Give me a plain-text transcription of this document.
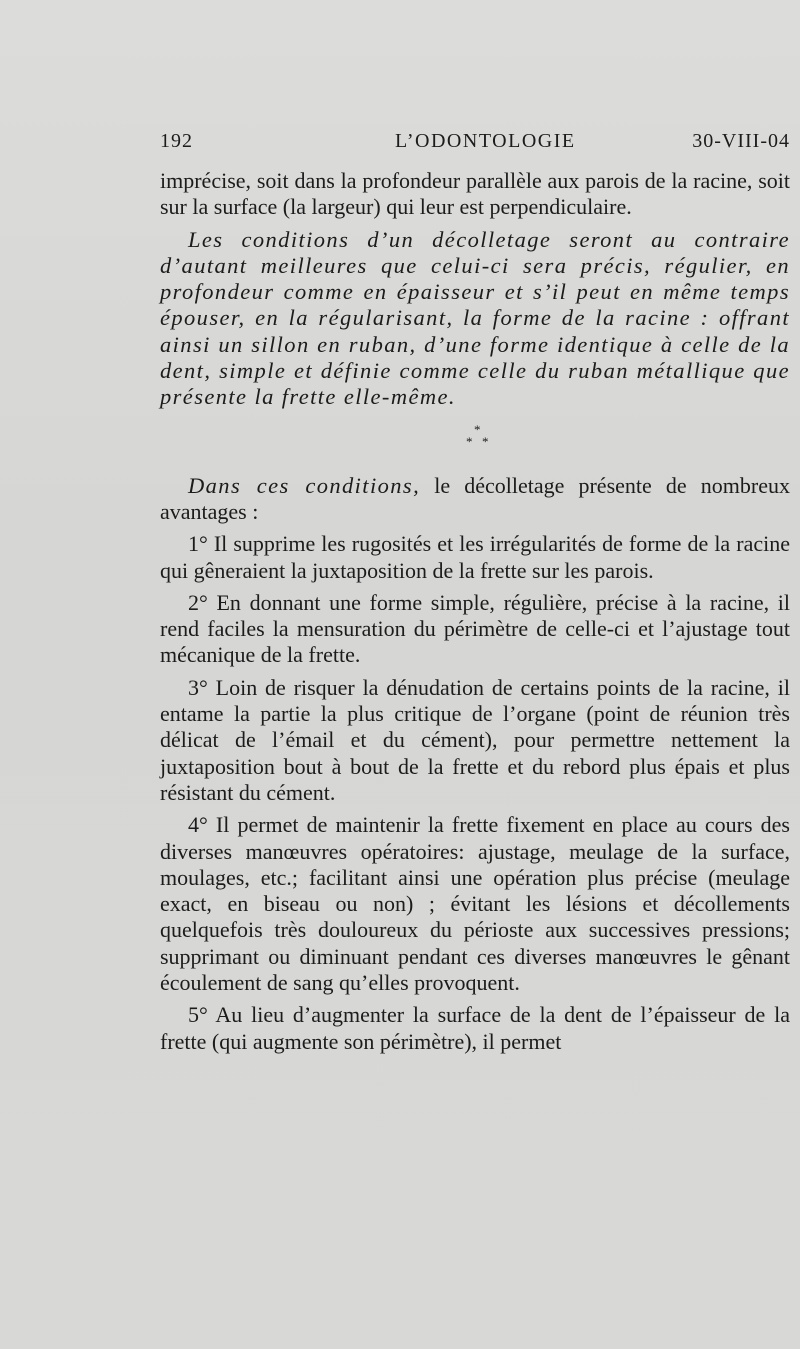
192	L’ODONTOLOGIE	30-VIII-04

imprécise, soit dans la profondeur parallèle aux parois de la racine, soit sur la surface (la largeur) qui leur est perpendiculaire.

Les conditions d’un décolletage seront au contraire d’autant meilleures que celui-ci sera précis, régulier, en profondeur comme en épaisseur et s’il peut en même temps épouser, en la régularisant, la forme de la racine : offrant ainsi un sillon en ruban, d’une forme identique à celle de la dent, simple et définie comme celle du ruban métallique que présente la frette elle-même.

*
* *

Dans ces conditions, le décolletage présente de nombreux avantages :

1° Il supprime les rugosités et les irrégularités de forme de la racine qui gêneraient la juxtaposition de la frette sur les parois.

2° En donnant une forme simple, régulière, précise à la racine, il rend faciles la mensuration du périmètre de celle-ci et l’ajustage tout mécanique de la frette.

3° Loin de risquer la dénudation de certains points de la racine, il entame la partie la plus critique de l’organe (point de réunion très délicat de l’émail et du cément), pour permettre nettement la juxtaposition bout à bout de la frette et du rebord plus épais et plus résistant du cément.

4° Il permet de maintenir la frette fixement en place au cours des diverses manœuvres opératoires: ajustage, meulage de la surface, moulages, etc.; facilitant ainsi une opération plus précise (meulage exact, en biseau ou non) ; évitant les lésions et décollements quelquefois très douloureux du périoste aux successives pressions; supprimant ou diminuant pendant ces diverses manœuvres le gênant écoulement de sang qu’elles provoquent.

5° Au lieu d’augmenter la surface de la dent de l’épaisseur de la frette (qui augmente son périmètre), il permet
